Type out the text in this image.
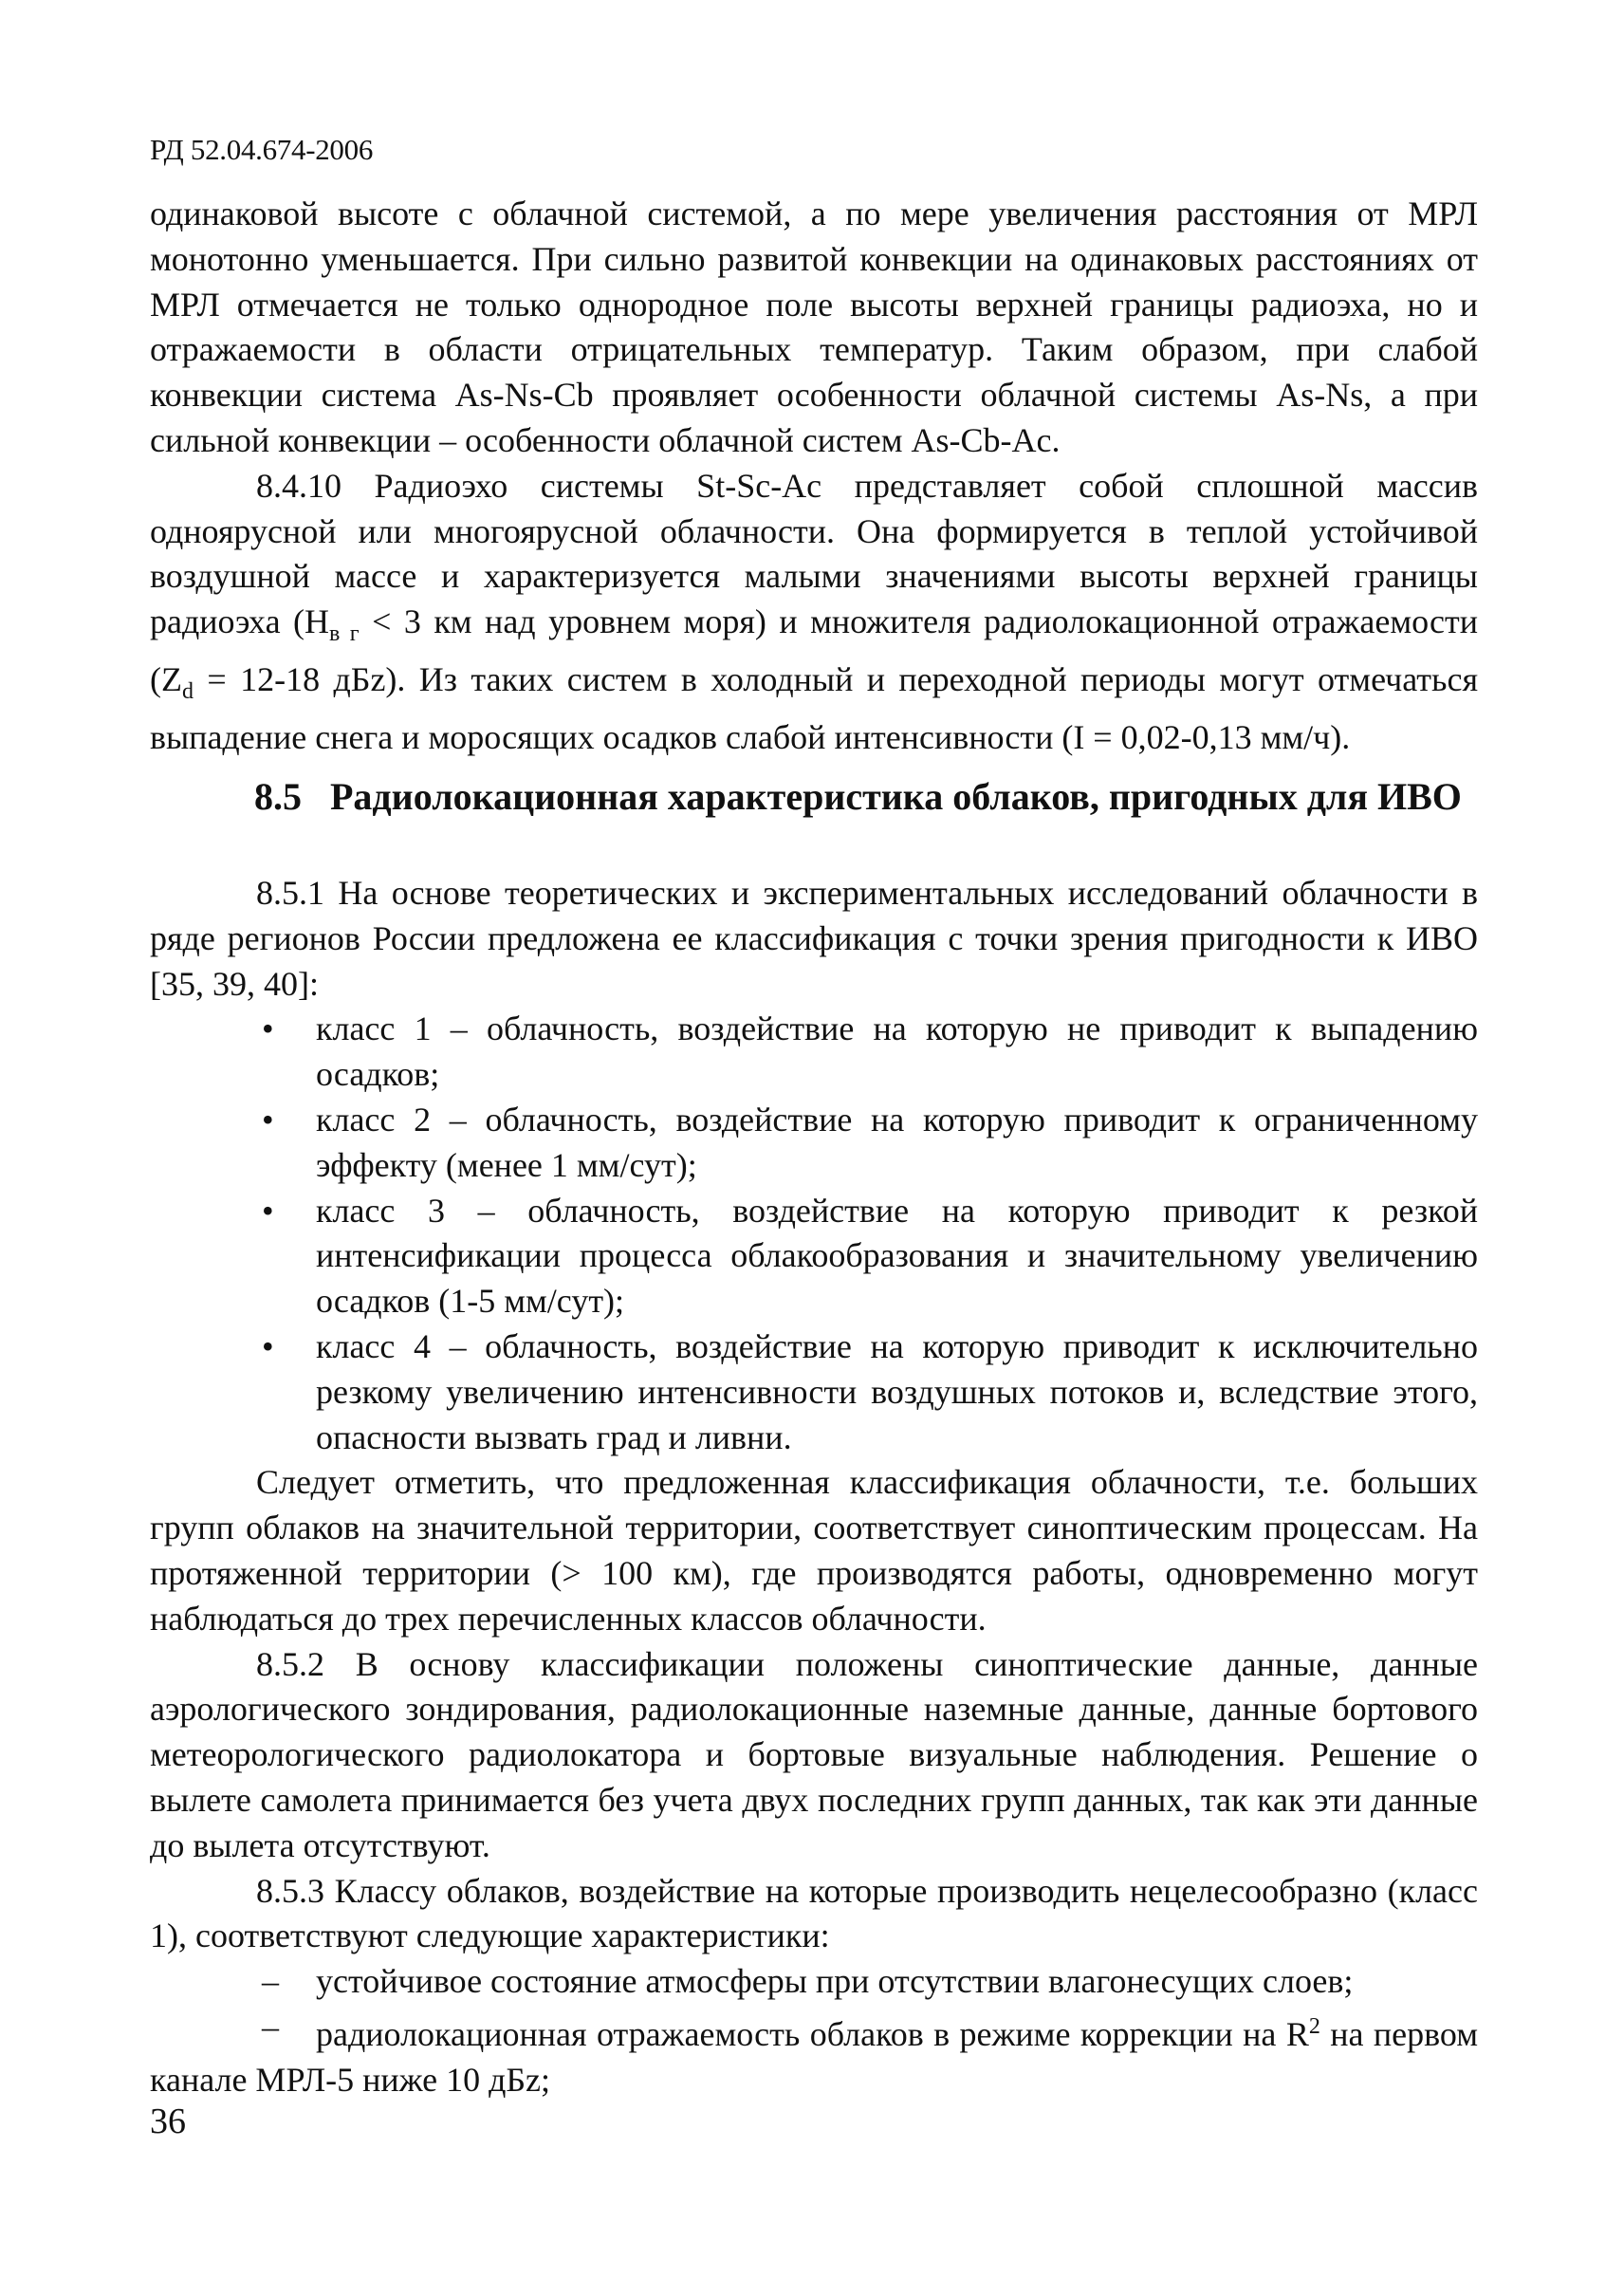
РД 52.04.674-2006

одинаковой высоте с облачной системой, а по мере увеличения расстояния от МРЛ монотонно уменьшается. При сильно развитой конвекции на одинаковых расстояниях от МРЛ отмечается не только однородное поле высоты верхней границы радиоэха, но и отражаемости в области отрицательных температур. Таким образом, при слабой конвекции система As-Ns-Cb проявляет особенности облачной системы As-Ns, а при сильной конвекции – особенности облачной систем As-Cb-Ac.

8.4.10 Радиоэхо системы St-Sc-Ac представляет собой сплошной массив одноярусной или многоярусной облачности. Она формируется в теплой устойчивой воздушной массе и характеризуется малыми значениями высоты верхней границы радиоэха ($H_{в г} < 3$ км над уровнем моря) и множителя радиолокационной отражаемости ($Z_d = 12-18$ дБz). Из таких систем в холодный и переходной периоды могут отмечаться выпадение снега и моросящих осадков слабой интенсивности (I = 0,02-0,13 мм/ч).

8.5 Радиолокационная характеристика облаков, пригодных для ИВО

8.5.1 На основе теоретических и экспериментальных исследований облачности в ряде регионов России предложена ее классификация с точки зрения пригодности к ИВО [35, 39, 40]:

• класс 1 – облачность, воздействие на которую не приводит к выпадению осадков;
• класс 2 – облачность, воздействие на которую приводит к ограниченному эффекту (менее 1 мм/сут);
• класс 3 – облачность, воздействие на которую приводит к резкой интенсификации процесса облакообразования и значительному увеличению осадков (1-5 мм/сут);
• класс 4 – облачность, воздействие на которую приводит к исключительно резкому увеличению интенсивности воздушных потоков и, вследствие этого, опасности вызвать град и ливни.

Следует отметить, что предложенная классификация облачности, т.е. больших групп облаков на значительной территории, соответствует синоптическим процессам. На протяженной территории (> 100 км), где производятся работы, одновременно могут наблюдаться до трех перечисленных классов облачности.

8.5.2 В основу классификации положены синоптические данные, данные аэрологического зондирования, радиолокационные наземные данные, данные бортового метеорологического радиолокатора и бортовые визуальные наблюдения. Решение о вылете самолета принимается без учета двух последних групп данных, так как эти данные до вылета отсутствуют.

8.5.3 Классу облаков, воздействие на которые производить нецелесообразно (класс 1), соответствуют следующие характеристики:

– устойчивое состояние атмосферы при отсутствии влагонесущих слоев;
– радиолокационная отражаемость облаков в режиме коррекции на $R^2$ на первом канале МРЛ-5 ниже 10 дБz;
36
